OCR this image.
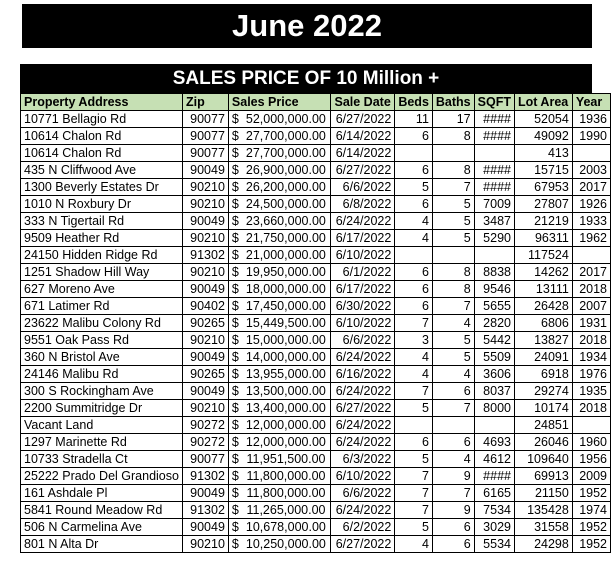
June 2022
SALES PRICE OF 10 Million +
Property Address	Zip	Sales Price	Sale Date	Beds	Baths	SQFT	Lot Area	Year
10771 Bellagio Rd	90077	$ 52,000,000.00	6/27/2022	11	17	####	52054	1936
10614 Chalon Rd	90077	$ 27,700,000.00	6/14/2022	6	8	####	49092	1990
10614 Chalon Rd	90077	$ 27,700,000.00	6/14/2022				413	
435 N Cliffwood Ave	90049	$ 26,900,000.00	6/27/2022	6	8	####	15715	2003
1300 Beverly Estates Dr	90210	$ 26,200,000.00	6/6/2022	5	7	####	67953	2017
1010 N Roxbury Dr	90210	$ 24,500,000.00	6/8/2022	6	5	7009	27807	1926
333 N Tigertail Rd	90049	$ 23,660,000.00	6/24/2022	4	5	3487	21219	1933
9509 Heather Rd	90210	$ 21,750,000.00	6/17/2022	4	5	5290	96311	1962
24150 Hidden Ridge Rd	91302	$ 21,000,000.00	6/10/2022				117524	
1251 Shadow Hill Way	90210	$ 19,950,000.00	6/1/2022	6	8	8838	14262	2017
627 Moreno Ave	90049	$ 18,000,000.00	6/17/2022	6	8	9546	13111	2018
671 Latimer Rd	90402	$ 17,450,000.00	6/30/2022	6	7	5655	26428	2007
23622 Malibu Colony Rd	90265	$ 15,449,500.00	6/10/2022	7	4	2820	6806	1931
9551 Oak Pass Rd	90210	$ 15,000,000.00	6/6/2022	3	5	5442	13827	2018
360 N Bristol Ave	90049	$ 14,000,000.00	6/24/2022	4	5	5509	24091	1934
24146 Malibu Rd	90265	$ 13,955,000.00	6/16/2022	4	4	3606	6918	1976
300 S Rockingham Ave	90049	$ 13,500,000.00	6/24/2022	7	6	8037	29274	1935
2200 Summitridge Dr	90210	$ 13,400,000.00	6/27/2022	5	7	8000	10174	2018
Vacant Land	90272	$ 12,000,000.00	6/24/2022				24851	
1297 Marinette Rd	90272	$ 12,000,000.00	6/24/2022	6	6	4693	26046	1960
10733 Stradella Ct	90077	$ 11,951,500.00	6/3/2022	5	4	4612	109640	1956
25222 Prado Del Grandioso	91302	$ 11,800,000.00	6/10/2022	7	9	####	69913	2009
161 Ashdale Pl	90049	$ 11,800,000.00	6/6/2022	7	7	6165	21150	1952
5841 Round Meadow Rd	91302	$ 11,265,000.00	6/24/2022	7	9	7534	135428	1974
506 N Carmelina Ave	90049	$ 10,678,000.00	6/2/2022	5	6	3029	31558	1952
801 N Alta Dr	90210	$ 10,250,000.00	6/27/2022	4	6	5534	24298	1952
